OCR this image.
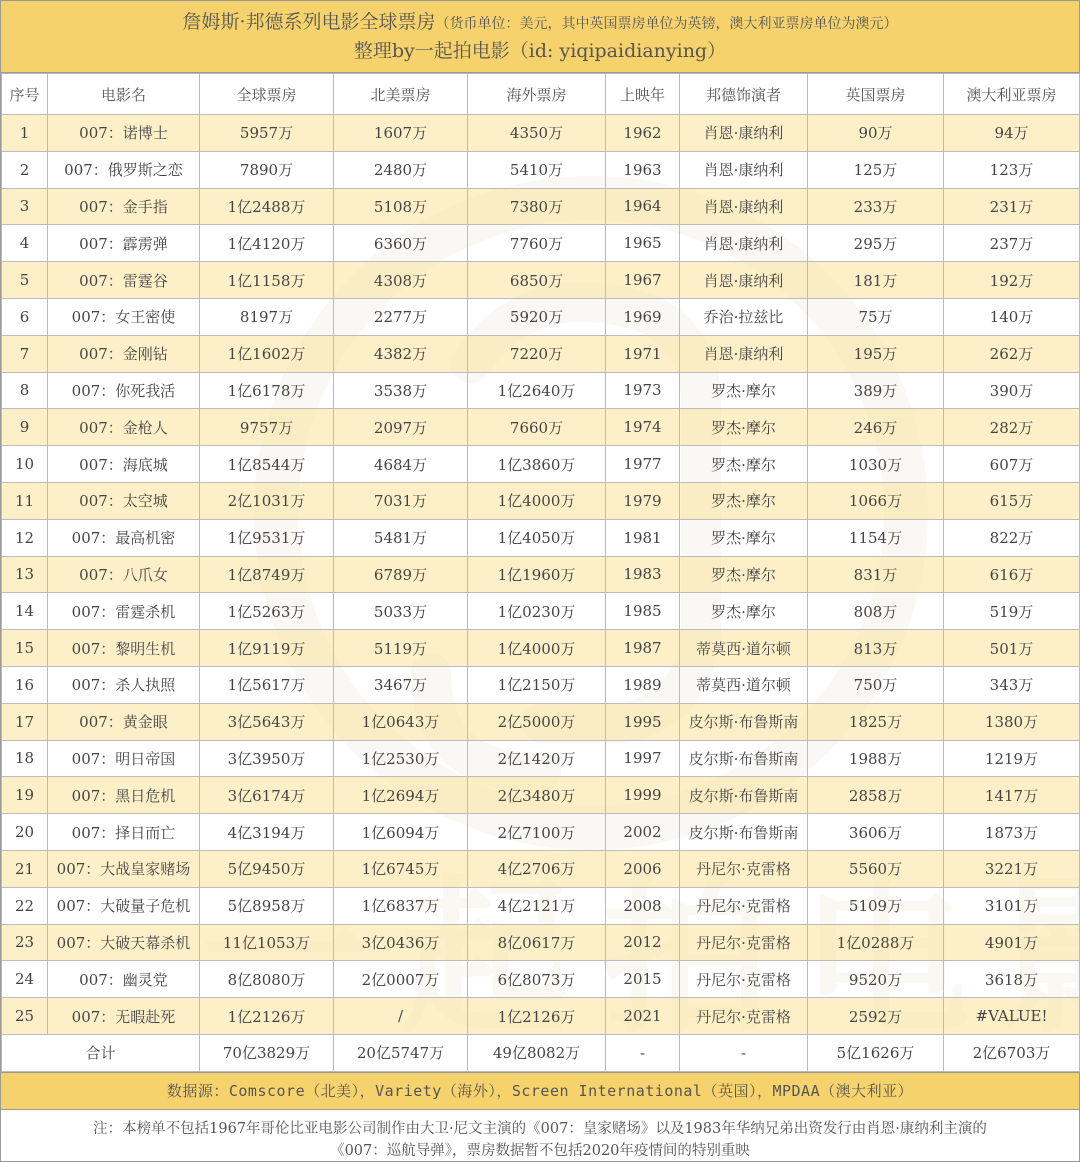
詹姆斯·邦德系列电影全球票房（货币单位：美元，其中英国票房单位为英镑，澳大利亚票房单位为澳元）
整理by一起拍电影（id: yiqipaidianying）
序号	电影名	全球票房	北美票房	海外票房	上映年	邦德饰演者	英国票房	澳大利亚票房
1	007：诺博士	5957万	1607万	4350万	1962	肖恩·康纳利	90万	94万
2	007：俄罗斯之恋	7890万	2480万	5410万	1963	肖恩·康纳利	125万	123万
3	007：金手指	1亿2488万	5108万	7380万	1964	肖恩·康纳利	233万	231万
4	007：霹雳弹	1亿4120万	6360万	7760万	1965	肖恩·康纳利	295万	237万
5	007：雷霆谷	1亿1158万	4308万	6850万	1967	肖恩·康纳利	181万	192万
6	007：女王密使	8197万	2277万	5920万	1969	乔治·拉兹比	75万	140万
7	007：金刚钻	1亿1602万	4382万	7220万	1971	肖恩·康纳利	195万	262万
8	007：你死我活	1亿6178万	3538万	1亿2640万	1973	罗杰·摩尔	389万	390万
9	007：金枪人	9757万	2097万	7660万	1974	罗杰·摩尔	246万	282万
10	007：海底城	1亿8544万	4684万	1亿3860万	1977	罗杰·摩尔	1030万	607万
11	007：太空城	2亿1031万	7031万	1亿4000万	1979	罗杰·摩尔	1066万	615万
12	007：最高机密	1亿9531万	5481万	1亿4050万	1981	罗杰·摩尔	1154万	822万
13	007：八爪女	1亿8749万	6789万	1亿1960万	1983	罗杰·摩尔	831万	616万
14	007：雷霆杀机	1亿5263万	5033万	1亿0230万	1985	罗杰·摩尔	808万	519万
15	007：黎明生机	1亿9119万	5119万	1亿4000万	1987	蒂莫西·道尔顿	813万	501万
16	007：杀人执照	1亿5617万	3467万	1亿2150万	1989	蒂莫西·道尔顿	750万	343万
17	007：黄金眼	3亿5643万	1亿0643万	2亿5000万	1995	皮尔斯·布鲁斯南	1825万	1380万
18	007：明日帝国	3亿3950万	1亿2530万	2亿1420万	1997	皮尔斯·布鲁斯南	1988万	1219万
19	007：黑日危机	3亿6174万	1亿2694万	2亿3480万	1999	皮尔斯·布鲁斯南	2858万	1417万
20	007：择日而亡	4亿3194万	1亿6094万	2亿7100万	2002	皮尔斯·布鲁斯南	3606万	1873万
21	007：大战皇家赌场	5亿9450万	1亿6745万	4亿2706万	2006	丹尼尔·克雷格	5560万	3221万
22	007：大破量子危机	5亿8958万	1亿6837万	4亿2121万	2008	丹尼尔·克雷格	5109万	3101万
23	007：大破天幕杀机	11亿1053万	3亿0436万	8亿0617万	2012	丹尼尔·克雷格	1亿0288万	4901万
24	007：幽灵党	8亿8080万	2亿0007万	6亿8073万	2015	丹尼尔·克雷格	9520万	3618万
25	007：无暇赴死	1亿2126万	/	1亿2126万	2021	丹尼尔·克雷格	2592万	#VALUE!
合计		70亿3829万	20亿5747万	49亿8082万	-	-	5亿1626万	2亿6703万
数据源：Comscore（北美），Variety（海外），Screen International（英国），MPDAA（澳大利亚）
注：本榜单不包括1967年哥伦比亚电影公司制作由大卫·尼文主演的《007：皇家赌场》以及1983年华纳兄弟出资发行由肖恩·康纳利主演的
《007：巡航导弹》，票房数据暂不包括2020年疫情间的特别重映
